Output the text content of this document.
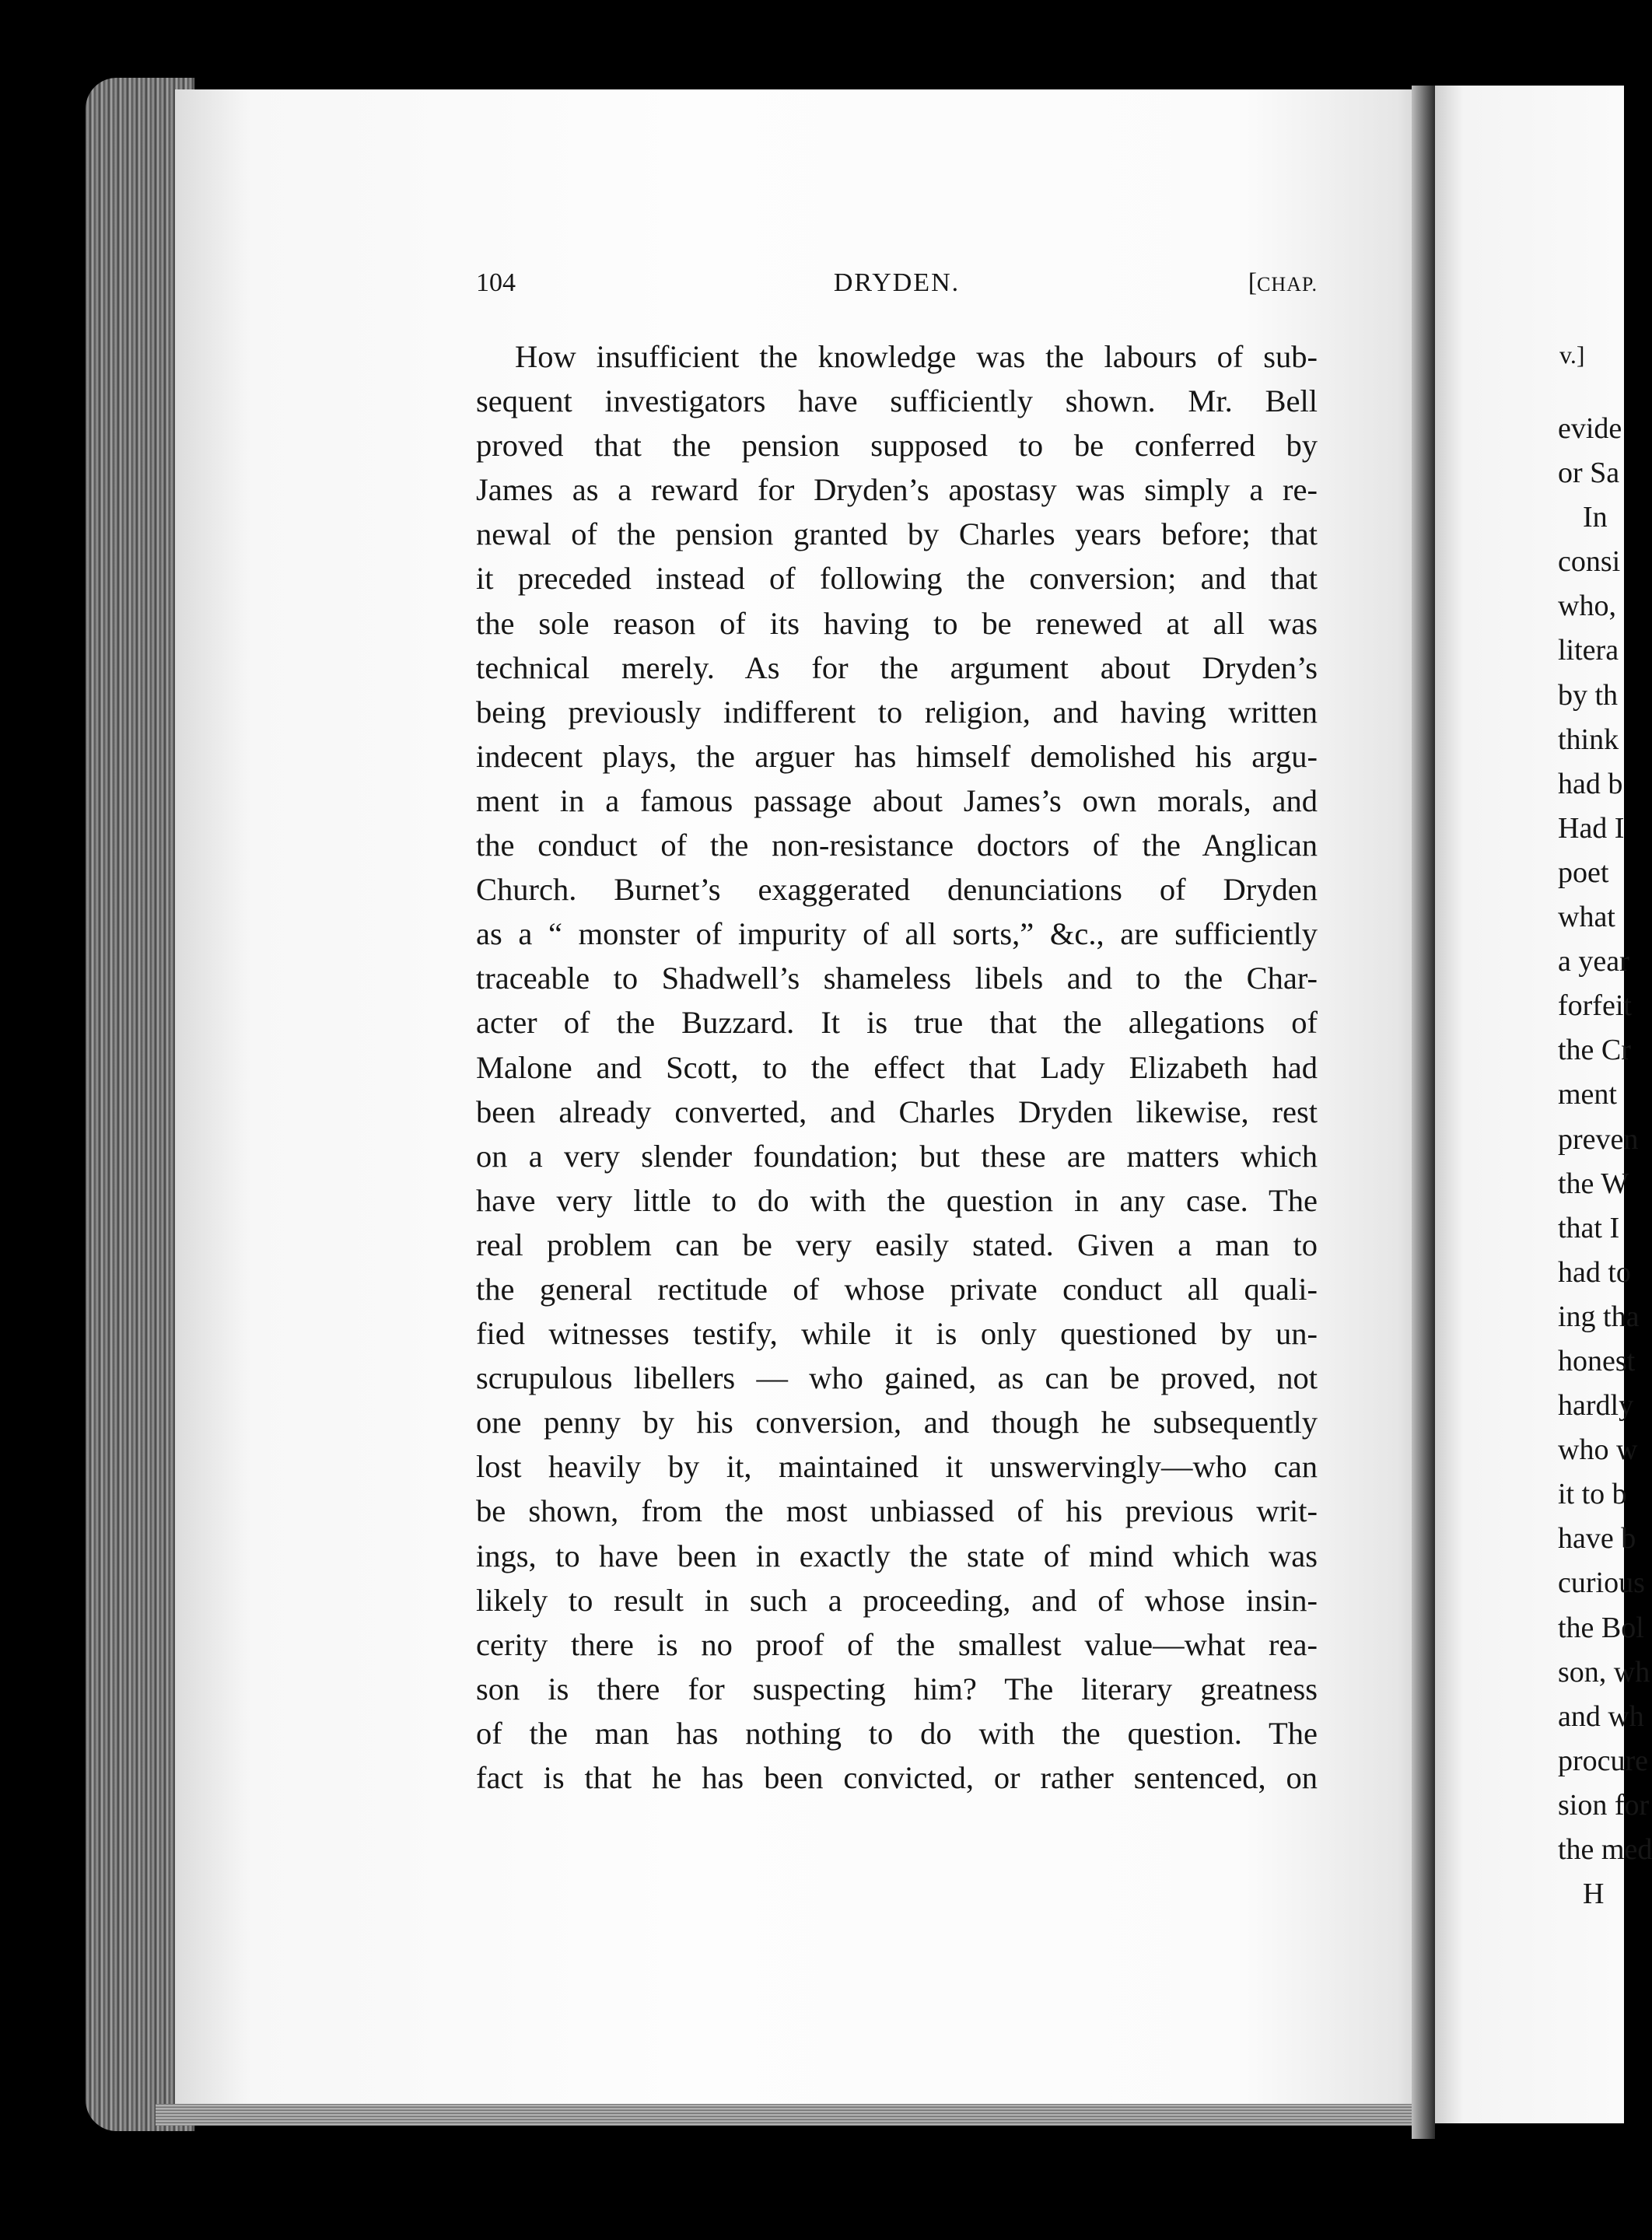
104	DRYDEN.	[CHAP.
How insufficient the knowledge was the labours of sub-
sequent investigators have sufficiently shown. Mr. Bell
proved that the pension supposed to be conferred by
James as a reward for Dryden’s apostasy was simply a re-
newal of the pension granted by Charles years before; that
it preceded instead of following the conversion; and that
the sole reason of its having to be renewed at all was
technical merely. As for the argument about Dryden’s
being previously indifferent to religion, and having written
indecent plays, the arguer has himself demolished his argu-
ment in a famous passage about James’s own morals, and
the conduct of the non-resistance doctors of the Anglican
Church. Burnet’s exaggerated denunciations of Dryden
as a “ monster of impurity of all sorts,” &c., are sufficiently
traceable to Shadwell’s shameless libels and to the Char-
acter of the Buzzard. It is true that the allegations of
Malone and Scott, to the effect that Lady Elizabeth had
been already converted, and Charles Dryden likewise, rest
on a very slender foundation; but these are matters which
have very little to do with the question in any case. The
real problem can be very easily stated. Given a man to
the general rectitude of whose private conduct all quali-
fied witnesses testify, while it is only questioned by un-
scrupulous libellers — who gained, as can be proved, not
one penny by his conversion, and though he subsequently
lost heavily by it, maintained it unswervingly—who can
be shown, from the most unbiassed of his previous writ-
ings, to have been in exactly the state of mind which was
likely to result in such a proceeding, and of whose insin-
cerity there is no proof of the smallest value—what rea-
son is there for suspecting him? The literary greatness
of the man has nothing to do with the question. The
fact is that he has been convicted, or rather sentenced, on
v.]
evide
or Sa
In
consi
who,
litera
by th
think
had b
Had I
poet
what
a year
forfeit
the Cr
ment
preven
the W
that I
had to
ing tha
honest
hardly
who w
it to b
have b
curious
the Bol
son, wh
and wh
procure
sion for
the med
H
